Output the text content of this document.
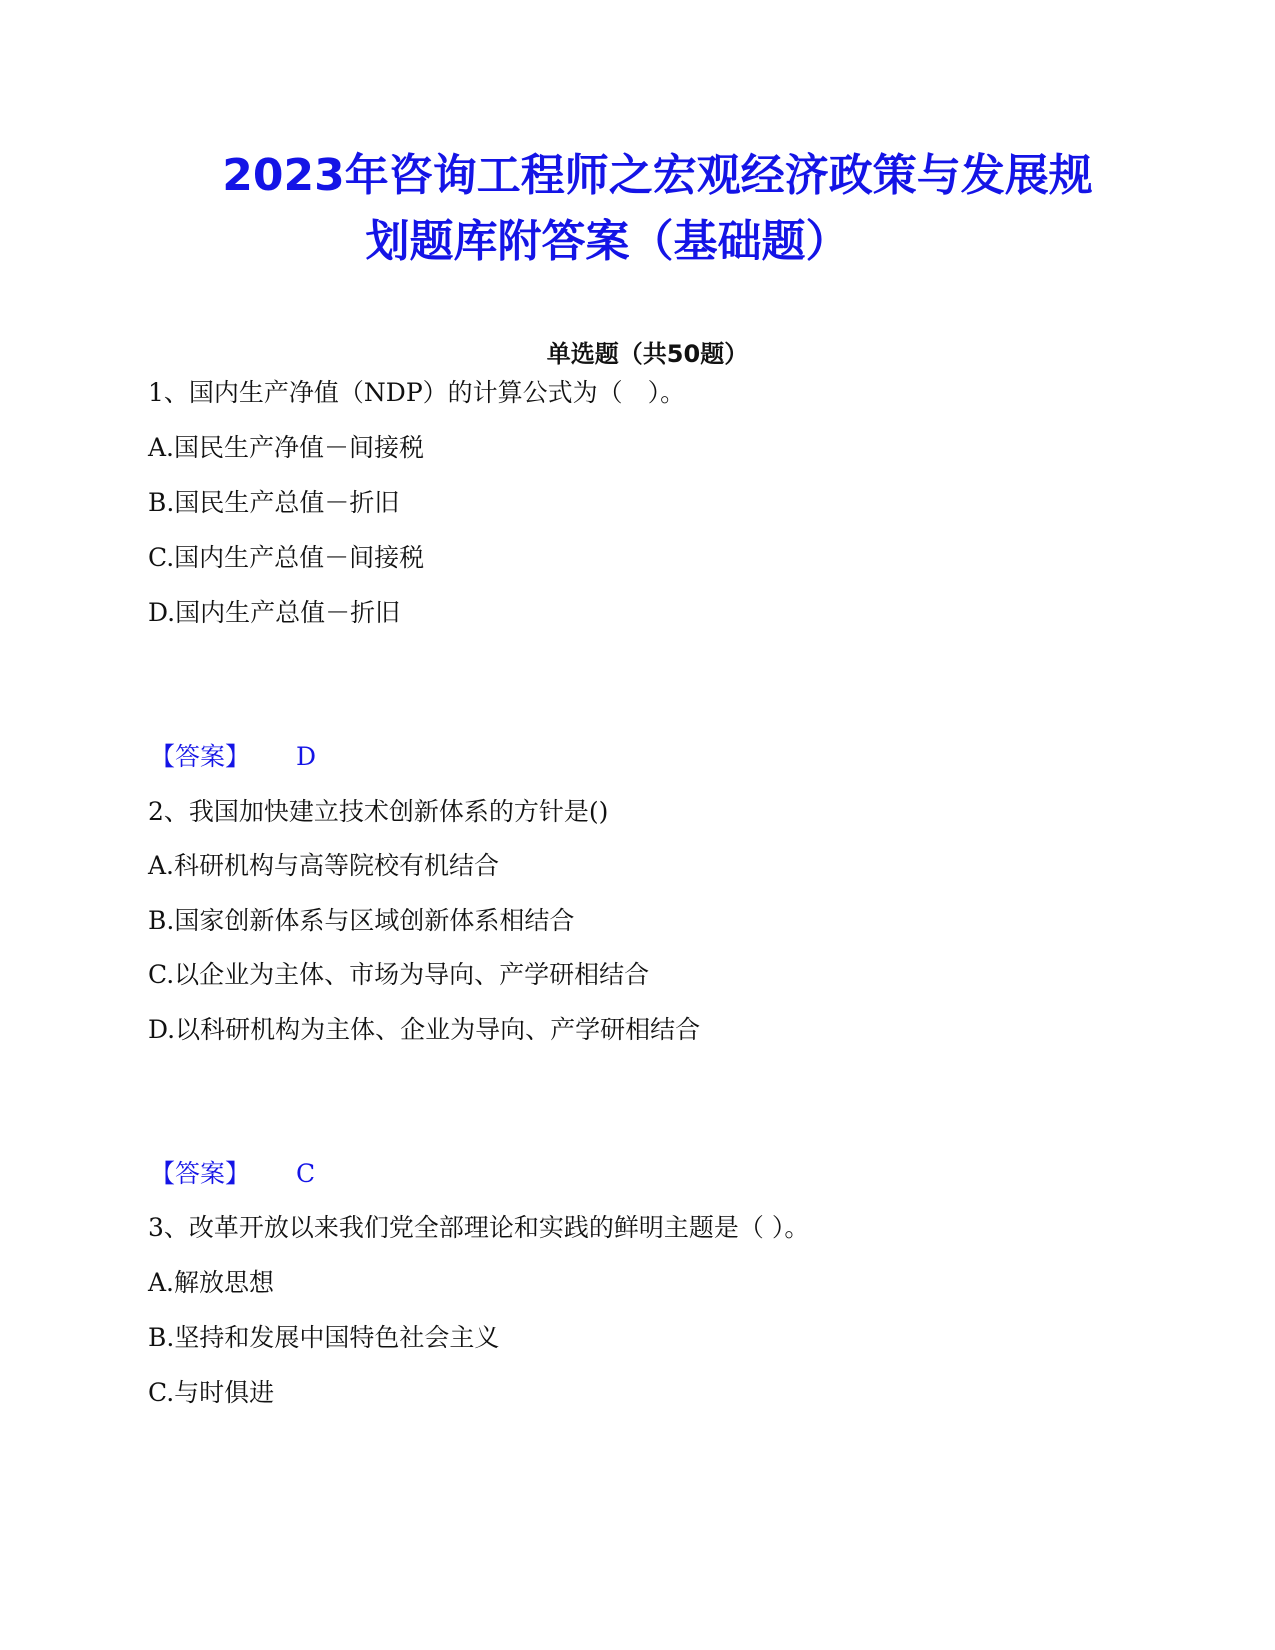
2023年咨询工程师之宏观经济政策与发展规
划题库附答案（基础题）
单选题（共50题）
1、国内生产净值（NDP）的计算公式为（　）。
A.国民生产净值－间接税
B.国民生产总值－折旧
C.国内生产总值－间接税
D.国内生产总值－折旧
【答案】 D
2、我国加快建立技术创新体系的方针是()
A.科研机构与高等院校有机结合
B.国家创新体系与区域创新体系相结合
C.以企业为主体、市场为导向、产学研相结合
D.以科研机构为主体、企业为导向、产学研相结合
【答案】 C
3、改革开放以来我们党全部理论和实践的鲜明主题是（ ）。
A.解放思想
B.坚持和发展中国特色社会主义
C.与时俱进
